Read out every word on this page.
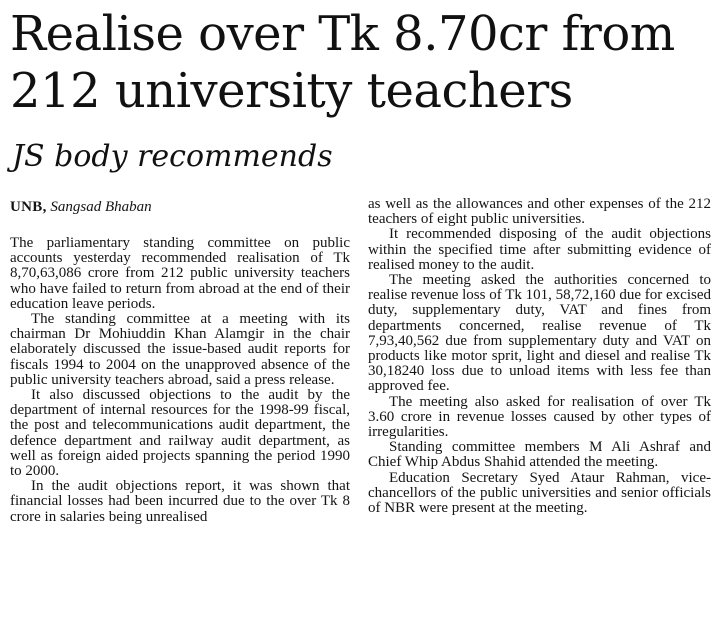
Realise over Tk 8.70cr from 212 university teachers
JS body recommends
UNB, Sangsad Bhaban

The parliamentary standing committee on public accounts yesterday recommended realisation of Tk 8,70,63,086 crore from 212 public university teachers who have failed to return from abroad at the end of their education leave periods.

The standing committee at a meeting with its chairman Dr Mohiuddin Khan Alamgir in the chair elaborately discussed the issue-based audit reports for fiscals 1994 to 2004 on the unapproved absence of the public university teachers abroad, said a press release.

It also discussed objections to the audit by the department of internal resources for the 1998-99 fiscal, the post and telecommunications audit department, the defence department and railway audit department, as well as foreign aided projects spanning the period 1990 to 2000.

In the audit objections report, it was shown that financial losses had been incurred due to the over Tk 8 crore in salaries being unrealised

as well as the allowances and other expenses of the 212 teachers of eight public universities.

It recommended disposing of the audit objections within the specified time after submitting evidence of realised money to the audit.

The meeting asked the authorities concerned to realise revenue loss of Tk 101, 58,72,160 due for excised duty, supplementary duty, VAT and fines from departments concerned, realise revenue of Tk 7,93,40,562 due from supplementary duty and VAT on products like motor sprit, light and diesel and realise Tk 30,18240 loss due to unload items with less fee than approved fee.

The meeting also asked for realisation of over Tk 3.60 crore in revenue losses caused by other types of irregularities.

Standing committee members M Ali Ashraf and Chief Whip Abdus Shahid attended the meeting.

Education Secretary Syed Ataur Rahman, vice-chancellors of the public universities and senior officials of NBR were present at the meeting.
